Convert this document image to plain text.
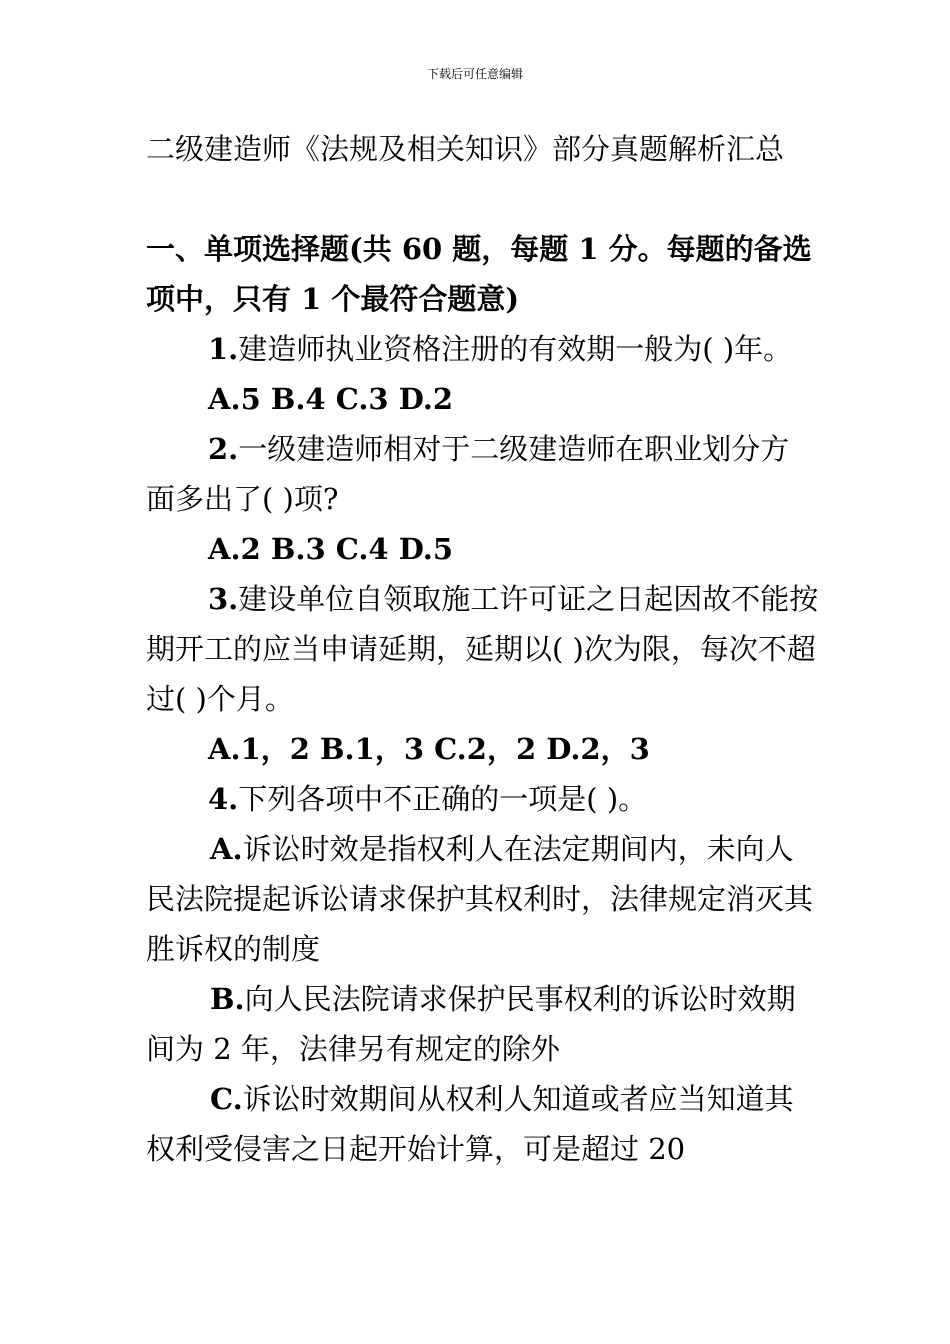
下载后可任意编辑
二级建造师《法规及相关知识》部分真题解析汇总

一、单项选择题(共 60 题，每题 1 分。每题的备选项中，只有 1 个最符合题意)

1.建造师执业资格注册的有效期一般为( )年。

A.5 B.4 C.3 D.2

2.一级建造师相对于二级建造师在职业划分方面多出了( )项?

A.2 B.3 C.4 D.5

3.建设单位自领取施工许可证之日起因故不能按期开工的应当申请延期，延期以( )次为限，每次不超过( )个月。

A.1，2 B.1，3 C.2，2 D.2，3

4.下列各项中不正确的一项是( )。

A.诉讼时效是指权利人在法定期间内，未向人民法院提起诉讼请求保护其权利时，法律规定消灭其胜诉权的制度

B.向人民法院请求保护民事权利的诉讼时效期间为 2 年，法律另有规定的除外

C.诉讼时效期间从权利人知道或者应当知道其权利受侵害之日起开始计算，可是超过 20
